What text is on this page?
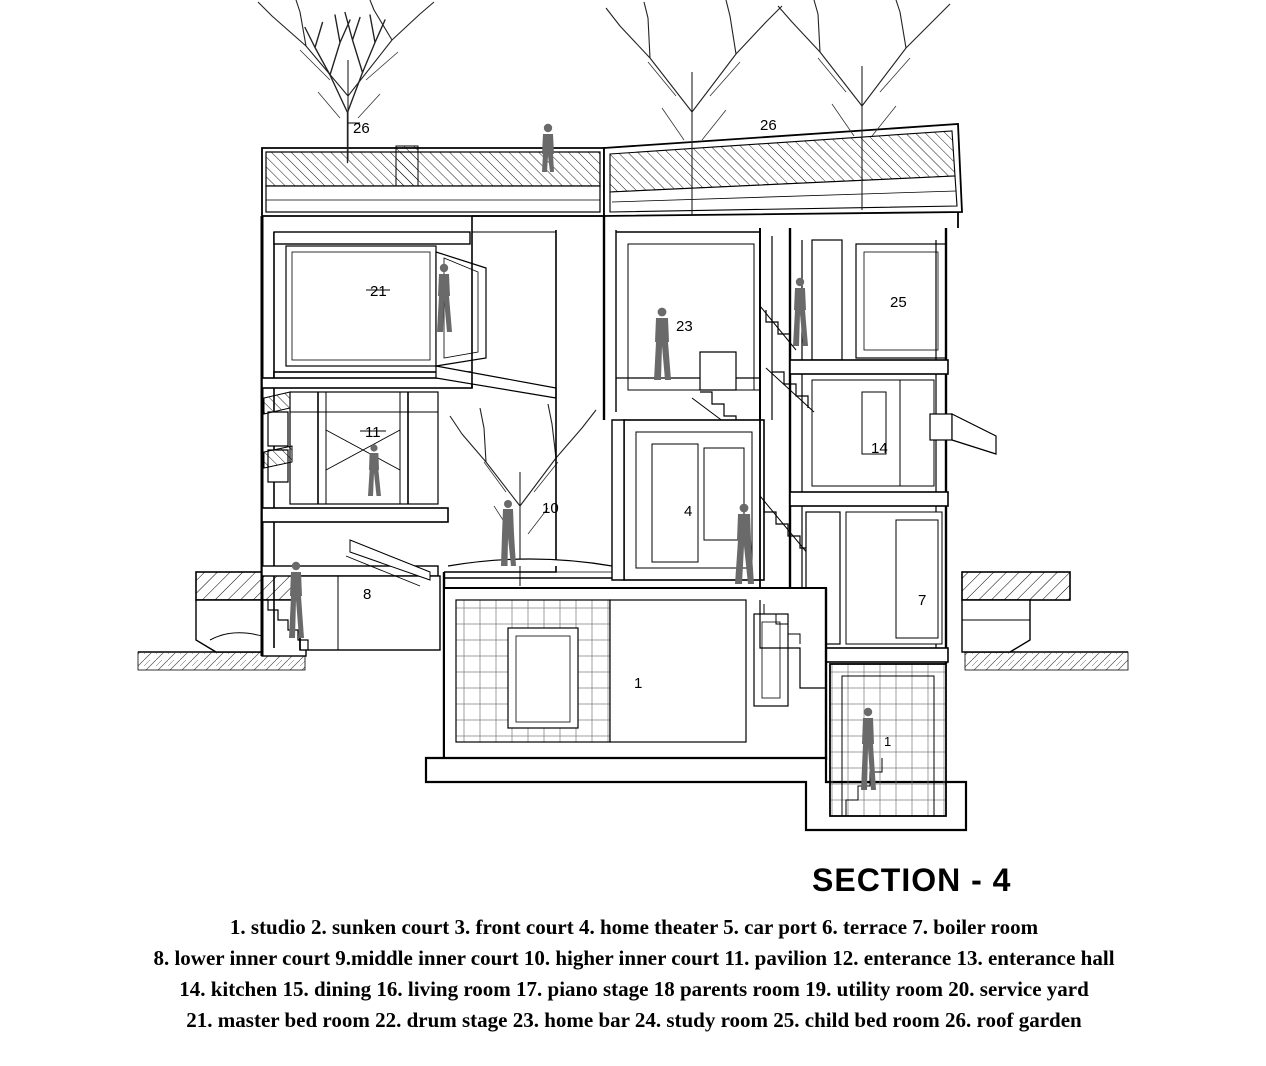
26	26
21
23
25
11
14
10	4
7
8
1
1
SECTION - 4
1. studio 2. sunken court 3. front court 4. home theater 5. car port 6. terrace 7. boiler room
8. lower inner court 9.middle inner court 10. higher inner court 11. pavilion 12. enterance 13. enterance hall
14. kitchen 15. dining 16. living room 17. piano stage 18 parents room 19. utility room 20. service yard
21. master bed room 22. drum stage 23. home bar 24. study room 25. child bed room 26. roof garden
